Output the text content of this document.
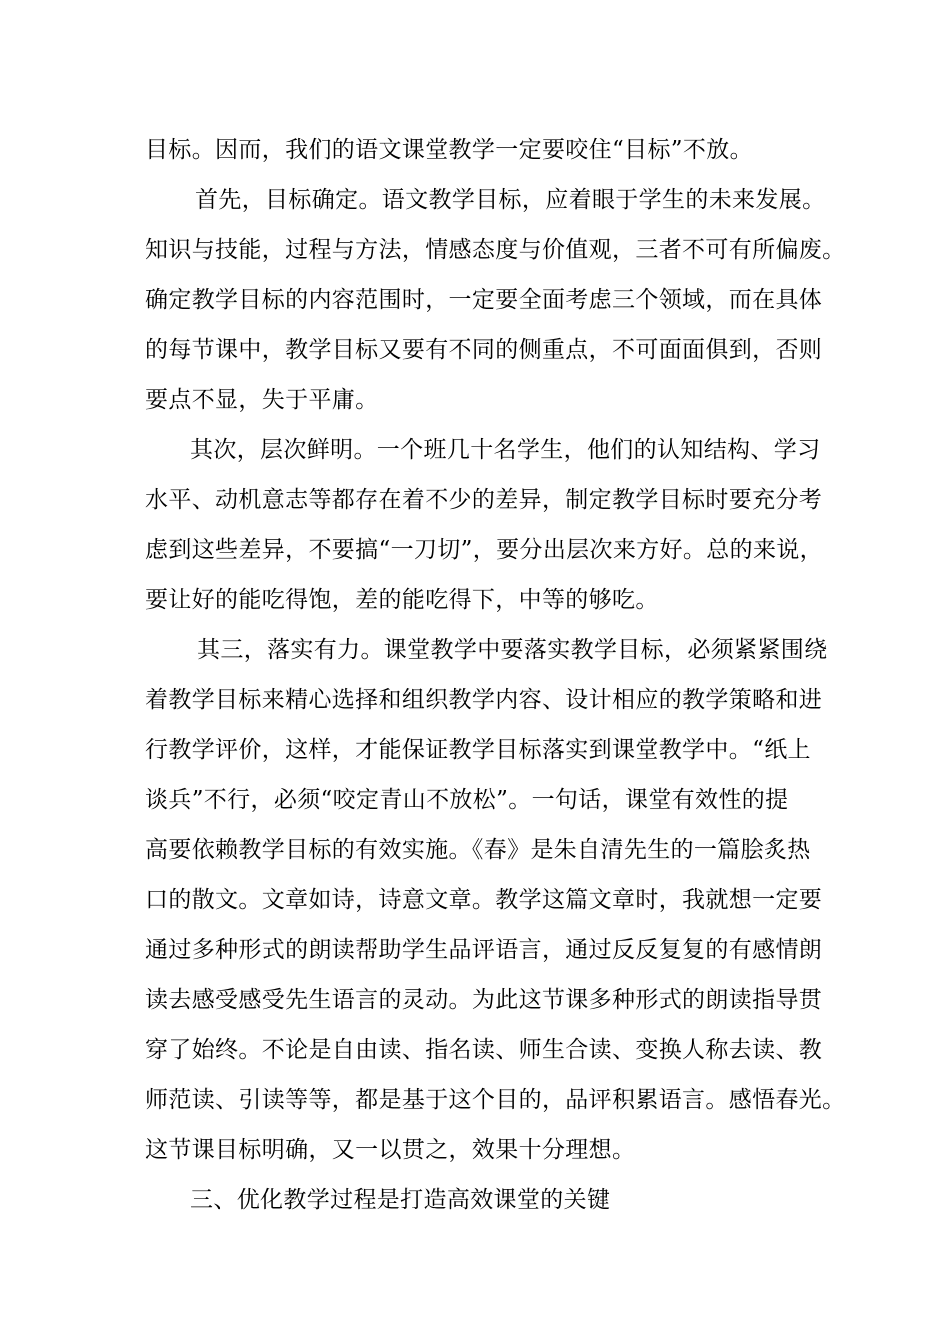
目标。因而，我们的语文课堂教学一定要咬住“目标”不放。
首先，目标确定。语文教学目标，应着眼于学生的未来发展。
知识与技能，过程与方法，情感态度与价值观，三者不可有所偏废。
确定教学目标的内容范围时，一定要全面考虑三个领域，而在具体
的每节课中，教学目标又要有不同的侧重点，不可面面俱到，否则
要点不显，失于平庸。
其次，层次鲜明。一个班几十名学生，他们的认知结构、学习
水平、动机意志等都存在着不少的差异，制定教学目标时要充分考
虑到这些差异，不要搞“一刀切”，要分出层次来方好。总的来说，
要让好的能吃得饱，差的能吃得下，中等的够吃。
其三，落实有力。课堂教学中要落实教学目标，必须紧紧围绕
着教学目标来精心选择和组织教学内容、设计相应的教学策略和进
行教学评价，这样，才能保证教学目标落实到课堂教学中。“纸上
谈兵”不行，必须“咬定青山不放松”。一句话，课堂有效性的提
高要依赖教学目标的有效实施。《春》是朱自清先生的一篇脍炙热
口的散文。文章如诗，诗意文章。教学这篇文章时，我就想一定要
通过多种形式的朗读帮助学生品评语言，通过反反复复的有感情朗
读去感受感受先生语言的灵动。为此这节课多种形式的朗读指导贯
穿了始终。不论是自由读、指名读、师生合读、变换人称去读、教
师范读、引读等等，都是基于这个目的，品评积累语言。感悟春光。
这节课目标明确，又一以贯之，效果十分理想。
三、优化教学过程是打造高效课堂的关键
